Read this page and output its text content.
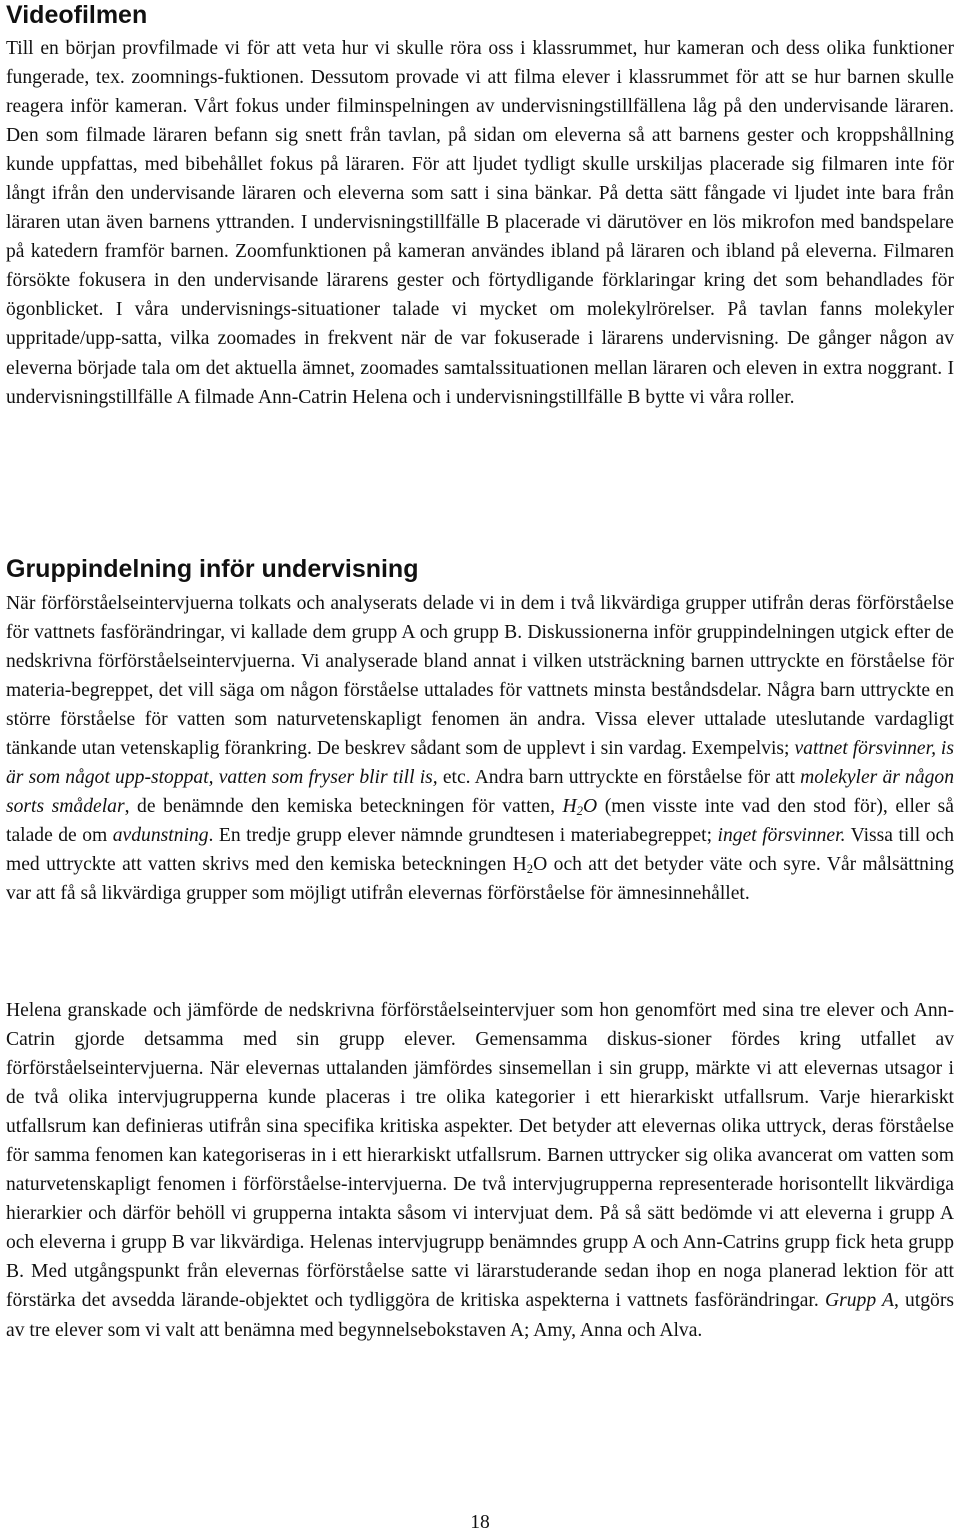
Videofilmen

Till en början provfilmade vi för att veta hur vi skulle röra oss i klassrummet, hur kameran och dess olika funktioner fungerade, tex. zoomnings-fuktionen. Dessutom provade vi att filma elever i klassrummet för att se hur barnen skulle reagera inför kameran. Vårt fokus under filminspelningen av undervisningstillfällena låg på den undervisande läraren. Den som filmade läraren befann sig snett från tavlan, på sidan om eleverna så att barnens gester och kroppshållning kunde uppfattas, med bibehållet fokus på läraren. För att ljudet tydligt skulle urskiljas placerade sig filmaren inte för långt ifrån den undervisande läraren och eleverna som satt i sina bänkar. På detta sätt fångade vi ljudet inte bara från läraren utan även barnens yttranden. I undervisningstillfälle B placerade vi därutöver en lös mikrofon med bandspelare på katedern framför barnen. Zoomfunktionen på kameran användes ibland på läraren och ibland på eleverna. Filmaren försökte fokusera in den undervisande lärarens gester och förtydligande förklaringar kring det som behandlades för ögonblicket. I våra undervisnings-situationer talade vi mycket om molekylrörelser. På tavlan fanns molekyler uppritade/upp-satta, vilka zoomades in frekvent när de var fokuserade i lärarens undervisning. De gånger någon av eleverna började tala om det aktuella ämnet, zoomades samtalssituationen mellan läraren och eleven in extra noggrant. I undervisningstillfälle A filmade Ann-Catrin Helena och i undervisningstillfälle B bytte vi våra roller.

Gruppindelning inför undervisning

När förförståelseintervjuerna tolkats och analyserats delade vi in dem i två likvärdiga grupper utifrån deras förförståelse för vattnets fasförändringar, vi kallade dem grupp A och grupp B. Diskussionerna inför gruppindelningen utgick efter de nedskrivna förförståelseintervjuerna. Vi analyserade bland annat i vilken utsträckning barnen uttryckte en förståelse för materia-begreppet, det vill säga om någon förståelse uttalades för vattnets minsta beståndsdelar. Några barn uttryckte en större förståelse för vatten som naturvetenskapligt fenomen än andra. Vissa elever uttalade uteslutande vardagligt tänkande utan vetenskaplig förankring. De beskrev sådant som de upplevt i sin vardag. Exempelvis; vattnet försvinner, is är som något upp-stoppat, vatten som fryser blir till is, etc. Andra barn uttryckte en förståelse för att molekyler är någon sorts smådelar, de benämnde den kemiska beteckningen för vatten, $H_2O$ (men visste inte vad den stod för), eller så talade de om avdunstning. En tredje grupp elever nämnde grundtesen i materiabegreppet; inget försvinner. Vissa till och med uttryckte att vatten skrivs med den kemiska beteckningen $H_2O$ och att det betyder väte och syre. Vår målsättning var att få så likvärdiga grupper som möjligt utifrån elevernas förförståelse för ämnesinnehållet.

Helena granskade och jämförde de nedskrivna förförståelseintervjuer som hon genomfört med sina tre elever och Ann-Catrin gjorde detsamma med sin grupp elever. Gemensamma diskus-sioner fördes kring utfallet av förförståelseintervjuerna. När elevernas uttalanden jämfördes sinsemellan i sin grupp, märkte vi att elevernas utsagor i de två olika intervjugrupperna kunde placeras i tre olika kategorier i ett hierarkiskt utfallsrum. Varje hierarkiskt utfallsrum kan definieras utifrån sina specifika kritiska aspekter. Det betyder att elevernas olika uttryck, deras förståelse för samma fenomen kan kategoriseras in i ett hierarkiskt utfallsrum. Barnen uttrycker sig olika avancerat om vatten som naturvetenskapligt fenomen i förförståelse-intervjuerna. De två intervjugrupperna representerade horisontellt likvärdiga hierarkier och därför behöll vi grupperna intakta såsom vi intervjuat dem. På så sätt bedömde vi att eleverna i grupp A och eleverna i grupp B var likvärdiga. Helenas intervjugrupp benämndes grupp A och Ann-Catrins grupp fick heta grupp B. Med utgångspunkt från elevernas förförståelse satte vi lärarstuderande sedan ihop en noga planerad lektion för att förstärka det avsedda lärande-objektet och tydliggöra de kritiska aspekterna i vattnets fasförändringar. Grupp A, utgörs av tre elever som vi valt att benämna med begynnelsebokstaven A; Amy, Anna och Alva.

18
